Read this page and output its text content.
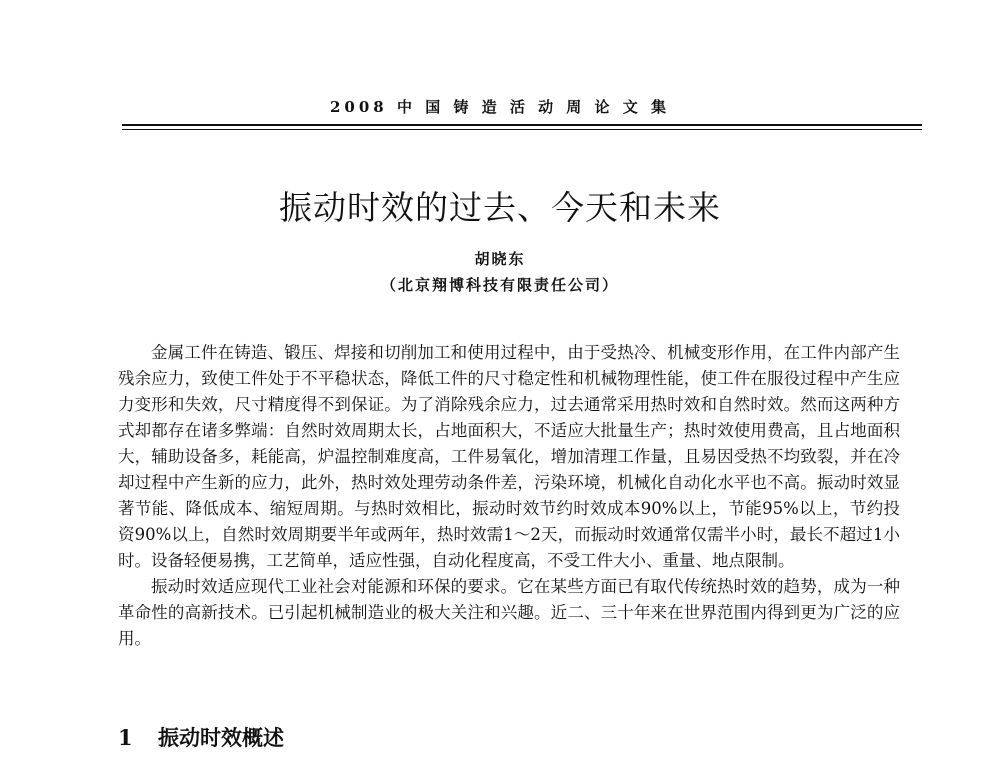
2008 中 国 铸 造 活 动 周 论 文 集
振动时效的过去、今天和未来
胡晓东
（北京翔博科技有限责任公司）

金属工件在铸造、锻压、焊接和切削加工和使用过程中，由于受热冷、机械变形作用，在工件内部产生残余应力，致使工件处于不平稳状态，降低工件的尺寸稳定性和机械物理性能，使工件在服役过程中产生应力变形和失效，尺寸精度得不到保证。为了消除残余应力，过去通常采用热时效和自然时效。然而这两种方式却都存在诸多弊端：自然时效周期太长，占地面积大，不适应大批量生产；热时效使用费高，且占地面积大，辅助设备多，耗能高，炉温控制难度高，工件易氧化，增加清理工作量，且易因受热不均致裂，并在冷却过程中产生新的应力，此外，热时效处理劳动条件差，污染环境，机械化自动化水平也不高。振动时效显著节能、降低成本、缩短周期。与热时效相比，振动时效节约时效成本90%以上，节能95%以上，节约投资90%以上，自然时效周期要半年或两年，热时效需1～2天，而振动时效通常仅需半小时，最长不超过1小时。设备轻便易携，工艺简单，适应性强，自动化程度高，不受工件大小、重量、地点限制。

振动时效适应现代工业社会对能源和环保的要求。它在某些方面已有取代传统热时效的趋势，成为一种革命性的高新技术。已引起机械制造业的极大关注和兴趣。近二、三十年来在世界范围内得到更为广泛的应用。

1 振动时效概述
